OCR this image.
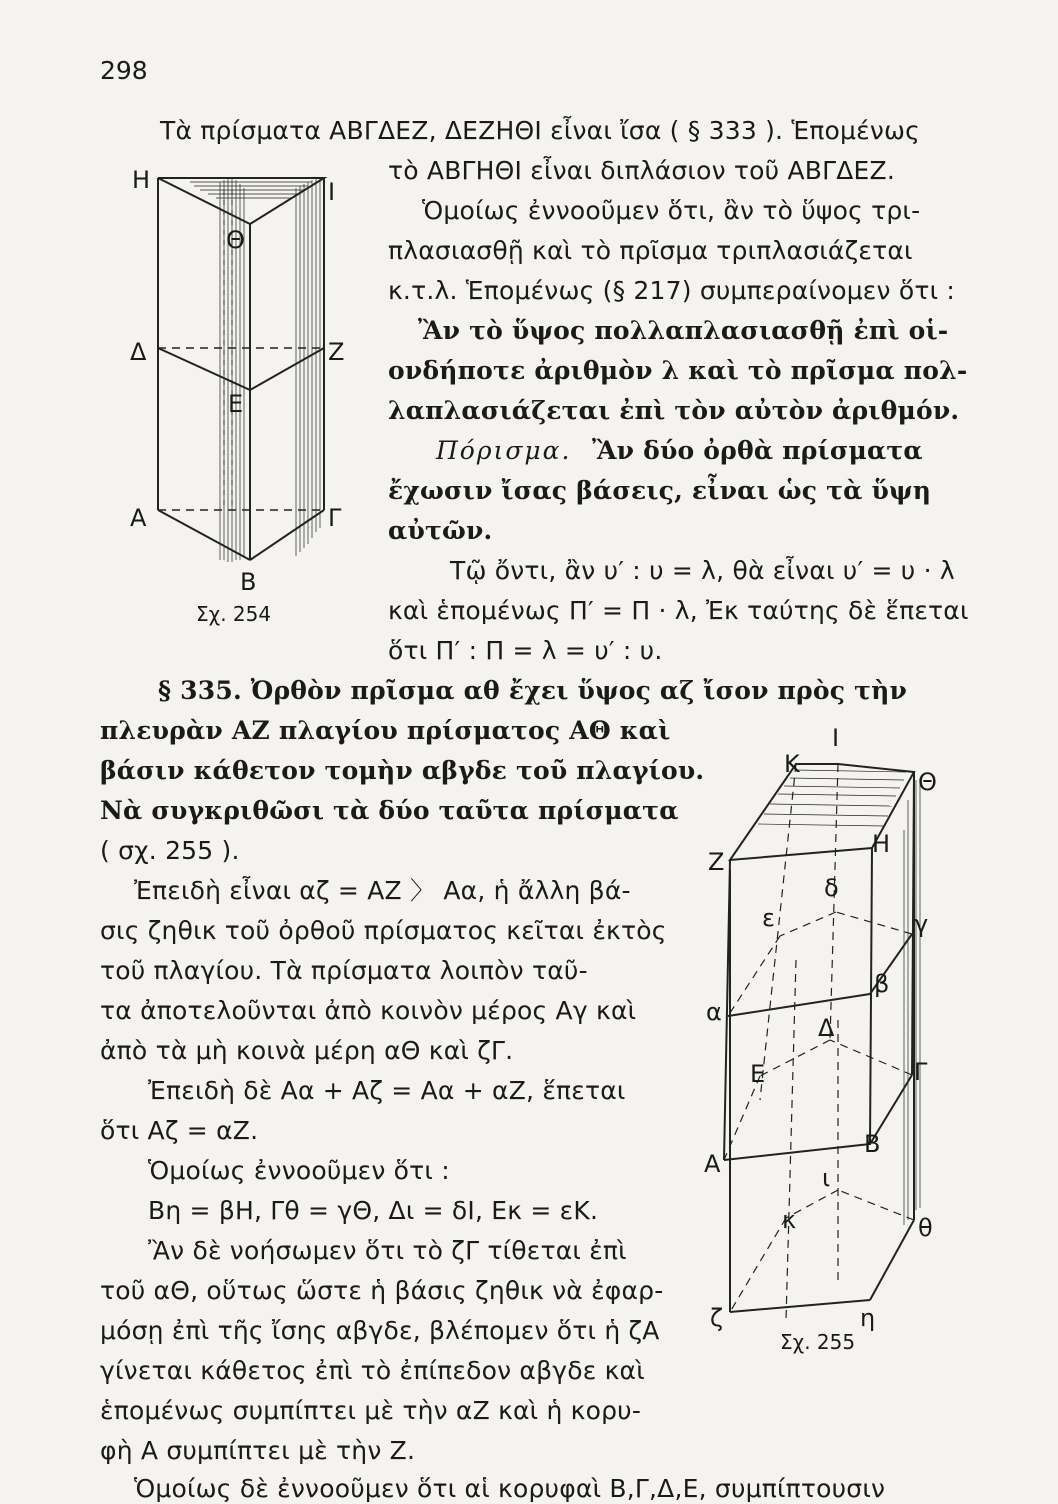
298
Τὰ πρίσματα ΑΒΓΔΕΖ, ΔΕΖΗΘΙ εἶναι ἴσα ( § 333 ). Ἑπομένως
τὸ ΑΒΓΗΘΙ εἶναι διπλάσιον τοῦ ΑΒΓΔΕΖ.
Ὁμοίως ἐννοοῦμεν ὅτι, ἂν τὸ ὕψος τρι-
πλασιασθῇ καὶ τὸ πρῖσμα τριπλασιάζεται
κ.τ.λ. Ἑπομένως (§ 217) συμπεραίνομεν ὅτι :
Ἂν τὸ ὕψος πολλαπλασιασθῇ ἐπὶ οἱ-
ονδήποτε ἀριθμὸν λ καὶ τὸ πρῖσμα πολ-
λαπλασιάζεται ἐπὶ τὸν αὐτὸν ἀριθμόν.
Πόρισμα. Ἂν δύο ὀρθὰ πρίσματα
ἔχωσιν ἴσας βάσεις, εἶναι ὡς τὰ ὕψη
αὐτῶν.
Τῷ ὄντι, ἂν υ′ : υ = λ, θὰ εἶναι υ′ = υ · λ
καὶ ἑπομένως Π′ = Π · λ, Ἐκ ταύτης δὲ ἕπεται
ὅτι Π′ : Π = λ = υ′ : υ.
§ 335. Ὀρθὸν πρῖσμα αθ ἔχει ὕψος αζ ἴσον πρὸς τὴν
πλευρὰν ΑΖ πλαγίου πρίσματος ΑΘ καὶ
βάσιν κάθετον τομὴν αβγδε τοῦ πλαγίου.
Νὰ συγκριθῶσι τὰ δύο ταῦτα πρίσματα
( σχ. 255 ).
Ἐπειδὴ εἶναι αζ = ΑΖ 〉 Αα, ἡ ἄλλη βά-
σις ζηθικ τοῦ ὀρθοῦ πρίσματος κεῖται ἐκτὸς
τοῦ πλαγίου. Τὰ πρίσματα λοιπὸν ταῦ-
τα ἀποτελοῦνται ἀπὸ κοινὸν μέρος Αγ καὶ
ἀπὸ τὰ μὴ κοινὰ μέρη αΘ καὶ ζΓ.
Ἐπειδὴ δὲ Αα + Αζ = Αα + αΖ, ἕπεται
ὅτι Αζ = αΖ.
Ὁμοίως ἐννοοῦμεν ὅτι :
Βη = βΗ, Γθ = γΘ, Δι = δΙ, Εκ = εΚ.
Ἂν δὲ νοήσωμεν ὅτι τὸ ζΓ τίθεται ἐπὶ
τοῦ αΘ, οὕτως ὥστε ἡ βάσις ζηθικ νὰ ἐφαρ-
μόσῃ ἐπὶ τῆς ἴσης αβγδε, βλέπομεν ὅτι ἡ ζΑ
γίνεται κάθετος ἐπὶ τὸ ἐπίπεδον αβγδε καὶ
ἑπομένως συμπίπτει μὲ τὴν αΖ καὶ ἡ κορυ-
φὴ Α συμπίπτει μὲ τὴν Ζ.
Ὁμοίως δὲ ἐννοοῦμεν ὅτι αἱ κορυφαὶ Β,Γ,Δ,Ε, συμπίπτουσιν
H	I
Θ
Δ	Z
E
A	Γ
B
Σχ. 254
I
K
Θ
Z
H
δ
ε	γ
β
α
Δ
E	Γ
B
A	ι
κ	θ
η
ζ
Σχ. 255
